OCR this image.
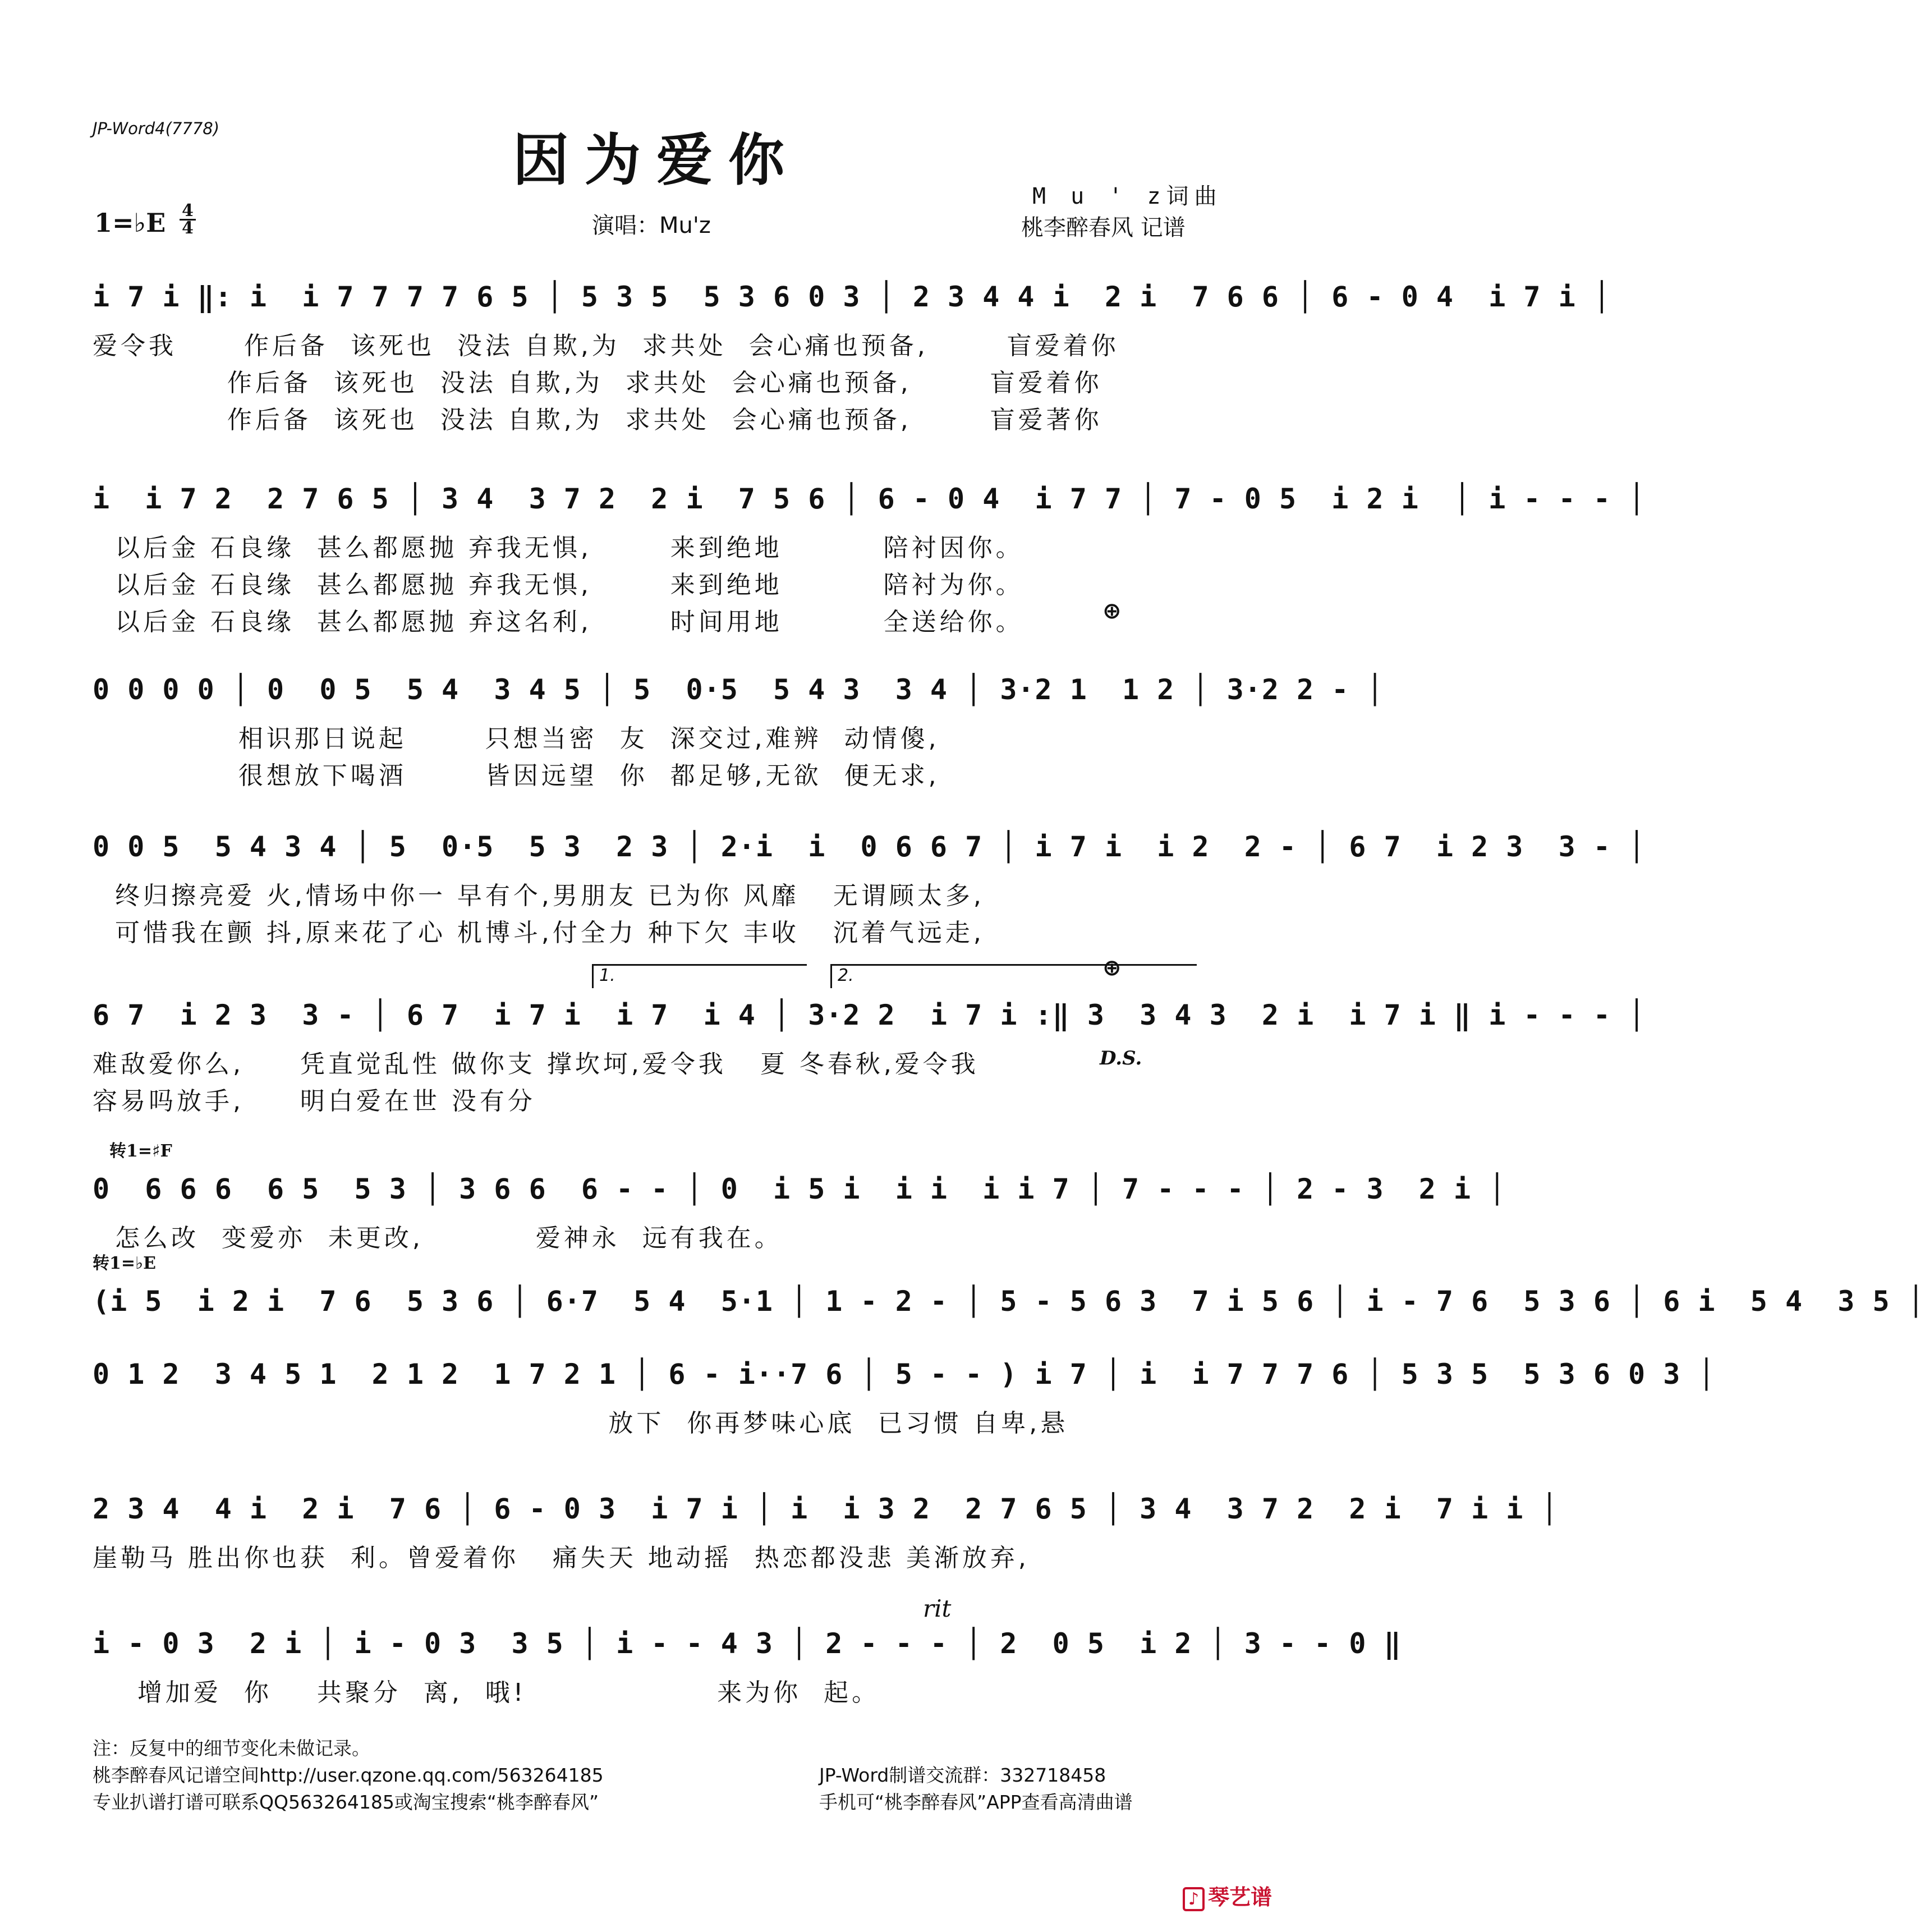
JP-Word4(7778)	因为爱你
1=♭E $\frac{4}{4}$	演唱：Mu'z
M u ' z词曲
桃李醉春风 记谱
i 7 i ‖: i  i 7 7 7 7 6 5 │ 5 3 5  5 3 6 0 3 │ 2 3 4 4 i  2 i  7 6 6 │ 6 - 0 4  i 7 i │
爱令我      作后备  该死也  没法 自欺,为  求共处  会心痛也预备,       盲爱着你
作后备  该死也  没法 自欺,为  求共处  会心痛也预备,       盲爱着你
作后备  该死也  没法 自欺,为  求共处  会心痛也预备,       盲爱著你
i  i 7 2  2 7 6 5 │ 3 4  3 7 2  2 i  7 5 6 │ 6 - 0 4  i 7 7 │ 7 - 0 5  i 2 i  │ i - - - │
以后金 石良缘  甚么都愿抛 弃我无惧,       来到绝地         陪衬因你。
以后金 石良缘  甚么都愿抛 弃我无惧,       来到绝地         陪衬为你。
以后金 石良缘  甚么都愿抛 弃这名利,       时间用地         全送给你。	⊕
0 0 0 0 │ 0  0 5  5 4  3 4 5 │ 5  0·5  5 4 3  3 4 │ 3·2 1  1 2 │ 3·2 2 - │
相识那日说起       只想当密  友  深交过,难辨  动情傻,
很想放下喝酒       皆因远望  你  都足够,无欲  便无求,
0 0 5  5 4 3 4 │ 5  0·5  5 3  2 3 │ 2·i  i  0 6 6 7 │ i 7 i  i 2  2 - │ 6 7  i 2 3  3 - │
终归擦亮爱 火,情场中你一 早有个,男朋友 已为你 风靡   无谓顾太多,
可惜我在颤 抖,原来花了心 机博斗,付全力 种下欠 丰收   沉着气远走,
1.	2.	⊕
6 7  i 2 3  3 - │ 6 7  i 7 i  i 7  i 4 │ 3·2 2  i 7 i :‖ 3  3 4 3  2 i  i 7 i ‖ i - - - │
难敌爱你么,     凭直觉乱性 做你支 撑坎坷,爱令我   夏 冬春秋,爱令我
容易吗放手,     明白爱在世 没有分
D.S.
转1=♯F
0  6 6 6  6 5  5 3 │ 3 6 6  6 - - │ 0  i 5 i  i i  i i 7 │ 7 - - - │ 2 - 3  2 i │
怎么改  变爱亦  未更改,          爱神永  远有我在。
转1=♭E
(i 5  i 2 i  7 6  5 3 6 │ 6·7  5 4  5·1 │ 1 - 2 - │ 5 - 5 6 3  7 i 5 6 │ i - 7 6  5 3 6 │ 6 i  5 4  3 5 │
0 1 2  3 4 5 1  2 1 2  1 7 2 1 │ 6 - i··7 6 │ 5 - - ) i 7 │ i  i 7 7 7 6 │ 5 3 5  5 3 6 0 3 │
放下  你再梦味心底  已习惯 自卑,悬
2 3 4  4 i  2 i  7 6 │ 6 - 0 3  i 7 i │ i  i 3 2  2 7 6 5 │ 3 4  3 7 2  2 i  7 i i │
崖勒马 胜出你也获  利。曾爱着你   痛失天 地动摇  热恋都没悲 美渐放弃,
rit
i - 0 3  2 i │ i - 0 3  3 5 │ i - - 4 3 │ 2 - - - │ 2  0 5  i 2 │ 3 - - 0 ‖
增加爱  你    共聚分  离,  哦!                 来为你  起。
注：反复中的细节变化未做记录。
桃李醉春风记谱空间http://user.qzone.qq.com/563264185
专业扒谱打谱可联系QQ563264185或淘宝搜索“桃李醉春风”
JP-Word制谱交流群：332718458
手机可“桃李醉春风”APP查看高清曲谱
♪ 琴艺谱
